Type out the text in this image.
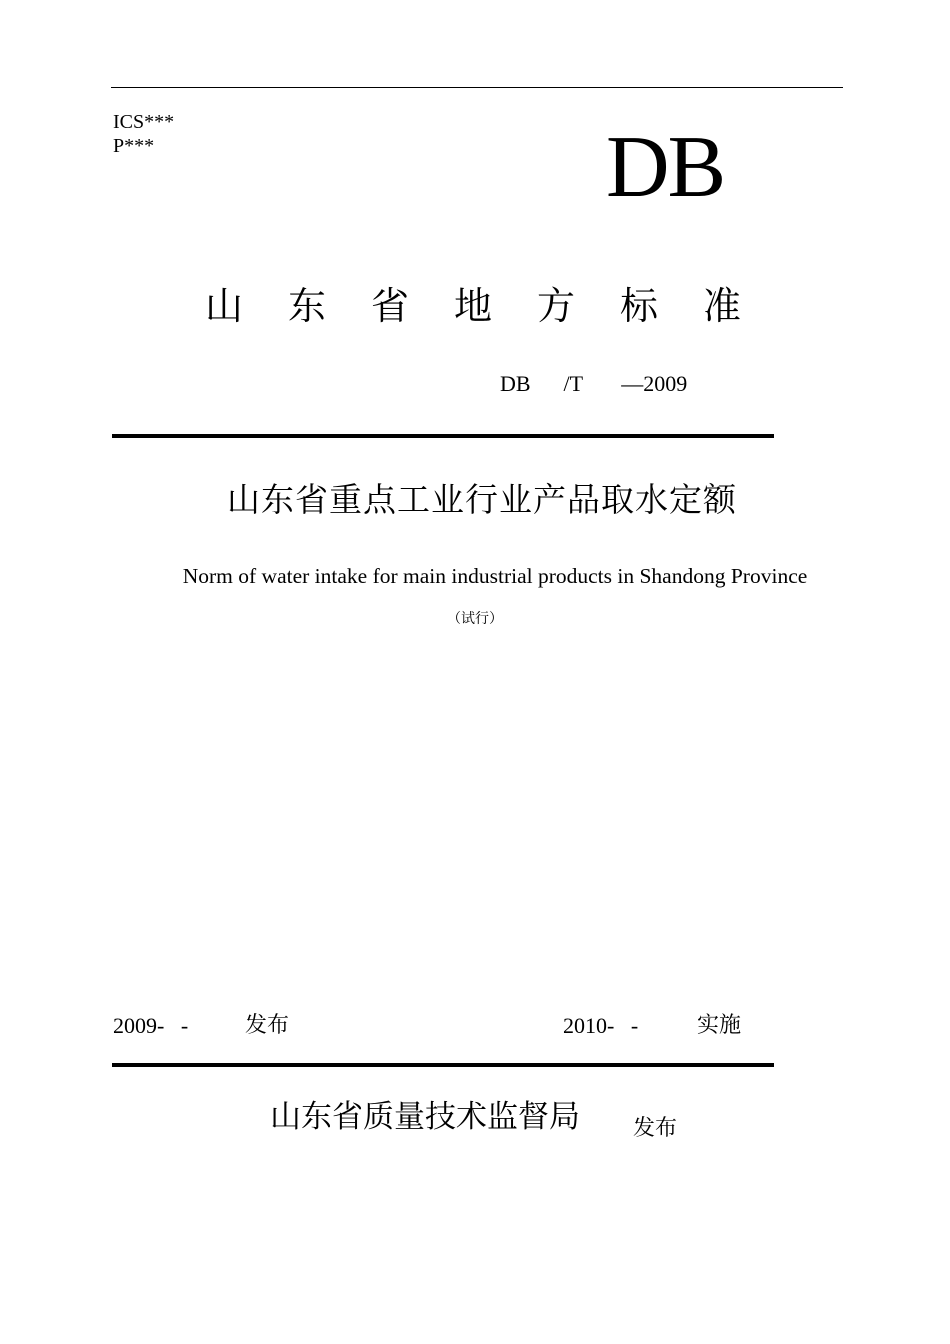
ICS***
P***	DB
山东省地方标准
DB      /T       —2009
山东省重点工业行业产品取水定额
Norm of water intake for main industrial products in Shandong Province
（试行）
2009-   -	发布	2010-   -	实施
山东省质量技术监督局 发布
